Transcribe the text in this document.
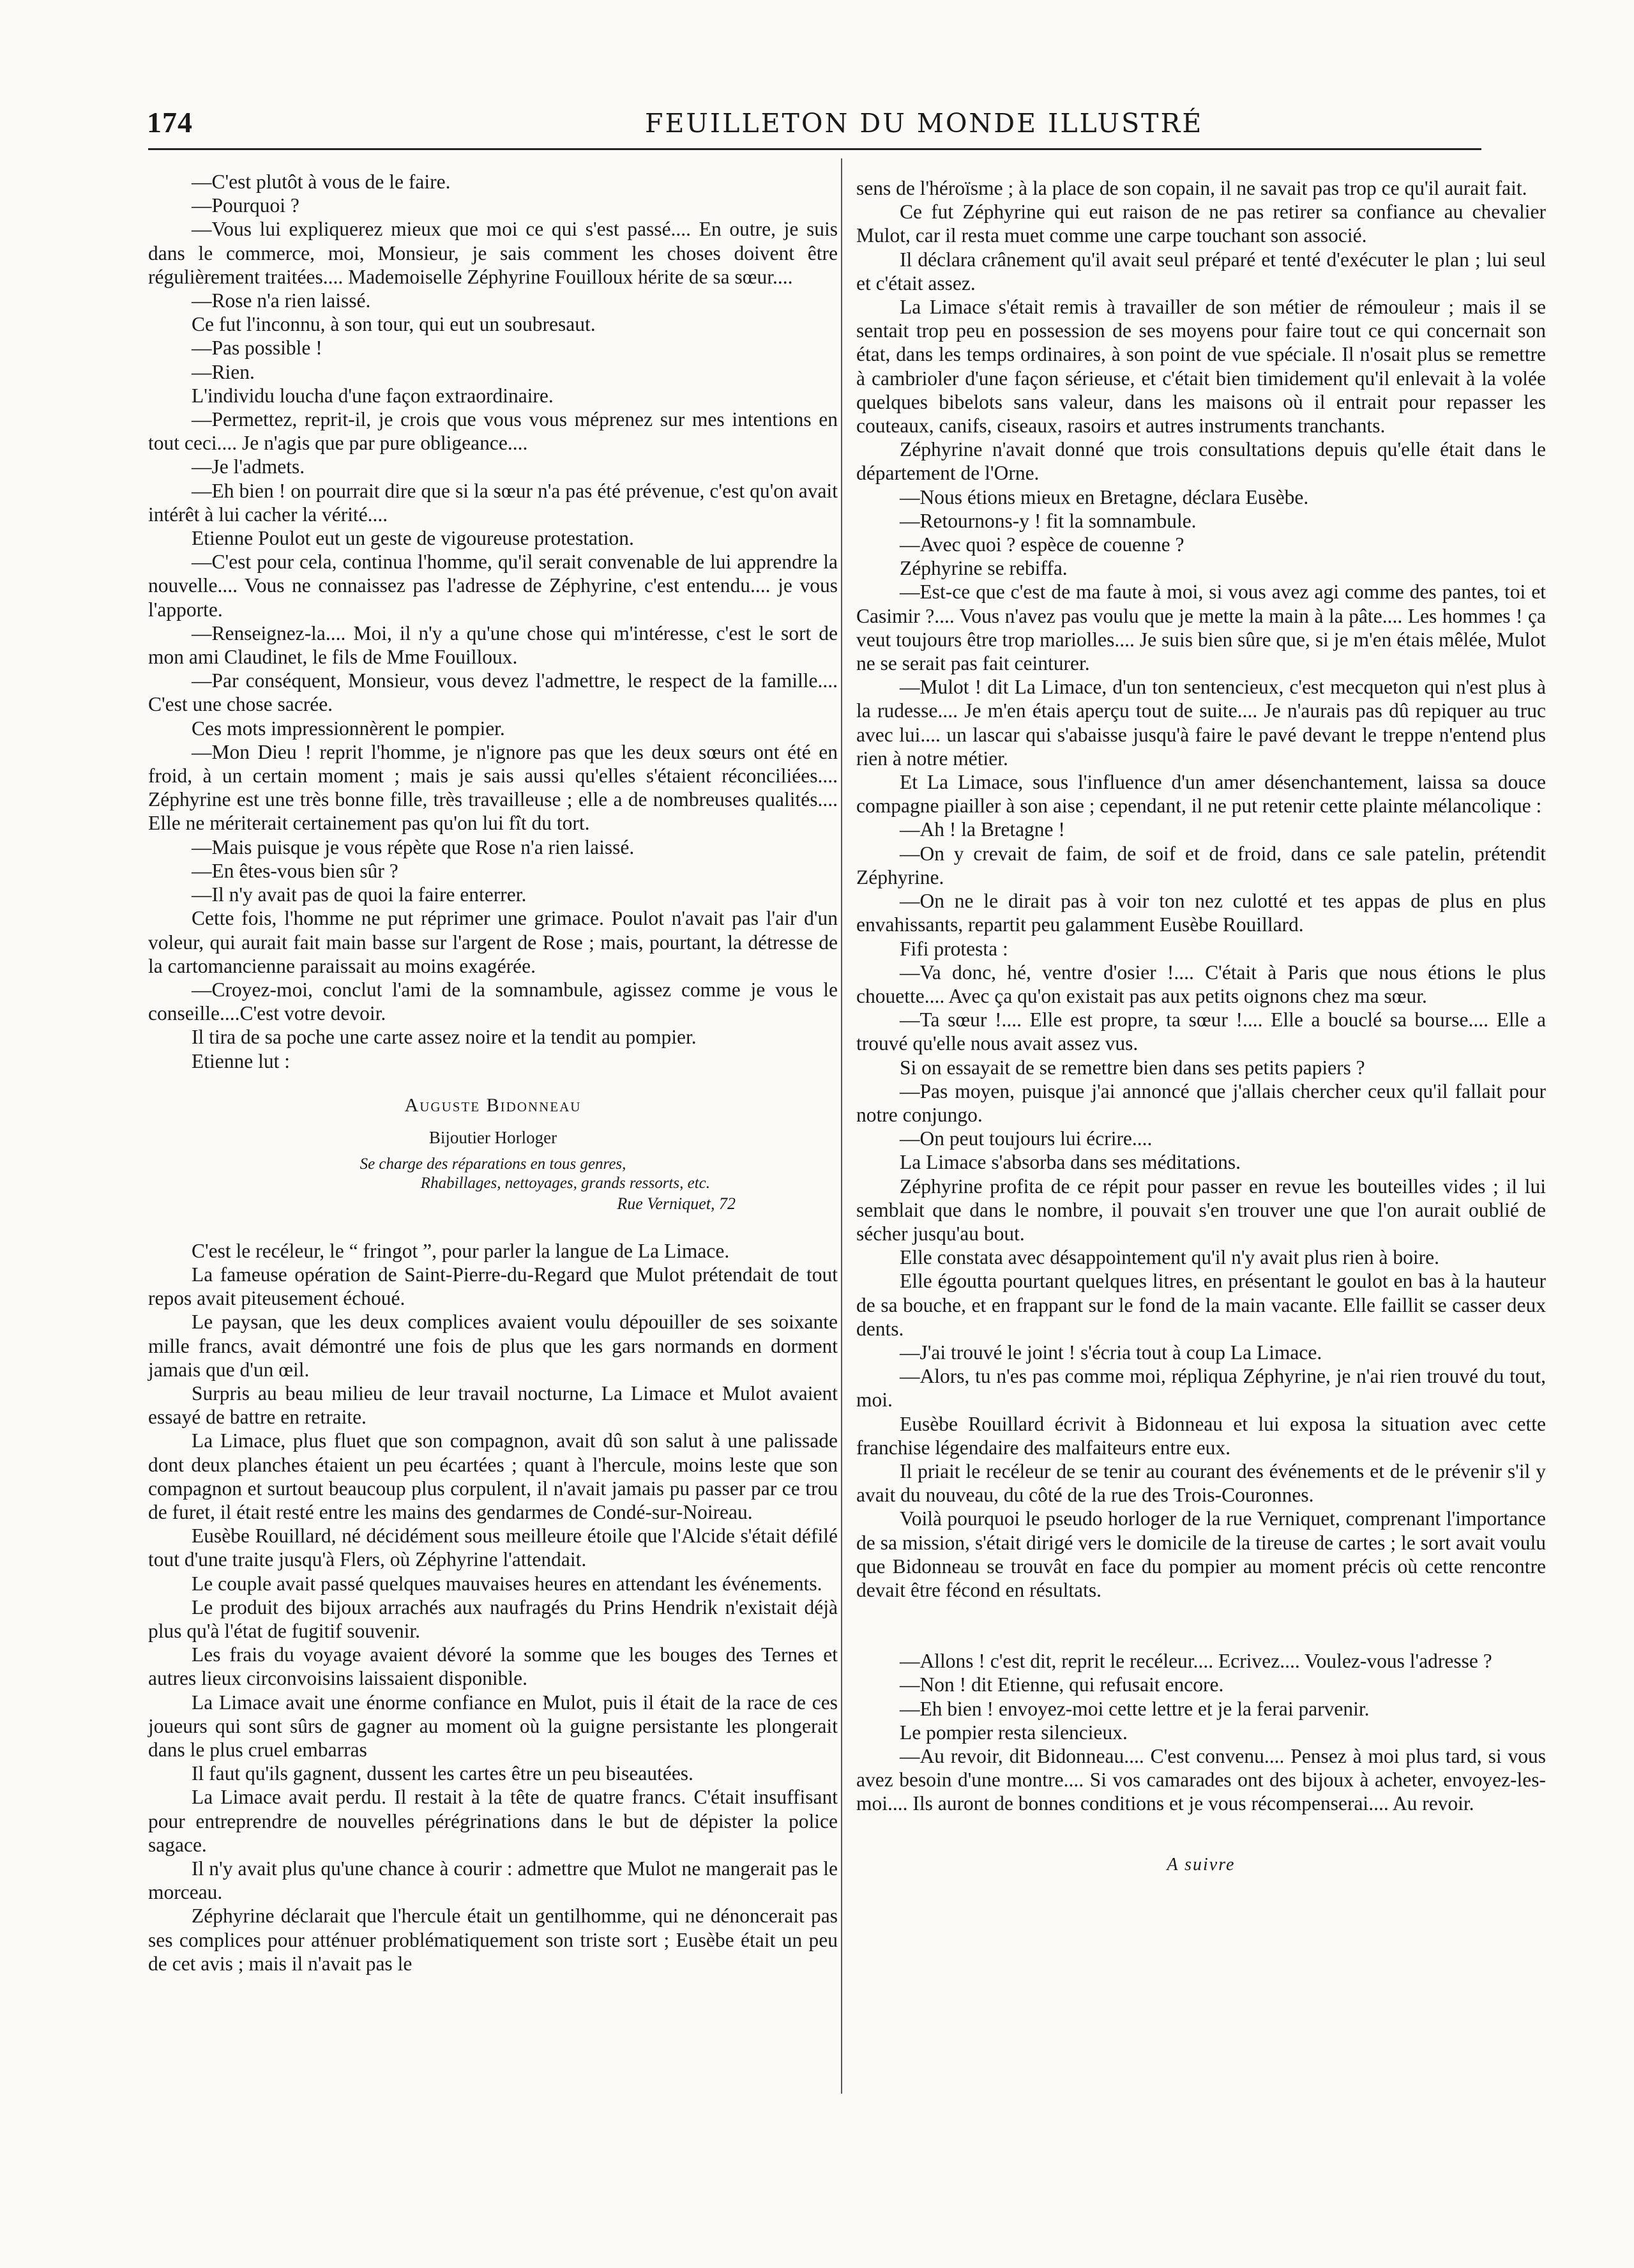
174	FEUILLETON DU MONDE ILLUSTRÉ

—C'est plutôt à vous de le faire.

—Pourquoi ?

—Vous lui expliquerez mieux que moi ce qui s'est passé.... En outre, je suis dans le commerce, moi, Monsieur, je sais comment les choses doivent être régulièrement traitées.... Mademoiselle Zéphyrine Fouilloux hérite de sa sœur....

—Rose n'a rien laissé.

Ce fut l'inconnu, à son tour, qui eut un soubresaut.

—Pas possible !

—Rien.

L'individu loucha d'une façon extraordinaire.

—Permettez, reprit-il, je crois que vous vous méprenez sur mes intentions en tout ceci.... Je n'agis que par pure obligeance....

—Je l'admets.

—Eh bien ! on pourrait dire que si la sœur n'a pas été prévenue, c'est qu'on avait intérêt à lui cacher la vérité....

Etienne Poulot eut un geste de vigoureuse protestation.

—C'est pour cela, continua l'homme, qu'il serait convenable de lui apprendre la nouvelle.... Vous ne connaissez pas l'adresse de Zéphyrine, c'est entendu.... je vous l'apporte.

—Renseignez-la.... Moi, il n'y a qu'une chose qui m'intéresse, c'est le sort de mon ami Claudinet, le fils de Mme Fouilloux.

—Par conséquent, Monsieur, vous devez l'admettre, le respect de la famille.... C'est une chose sacrée.

Ces mots impressionnèrent le pompier.

—Mon Dieu ! reprit l'homme, je n'ignore pas que les deux sœurs ont été en froid, à un certain moment ; mais je sais aussi qu'elles s'étaient réconciliées.... Zéphyrine est une très bonne fille, très travailleuse ; elle a de nombreuses qualités.... Elle ne mériterait certainement pas qu'on lui fît du tort.

—Mais puisque je vous répète que Rose n'a rien laissé.

—En êtes-vous bien sûr ?

—Il n'y avait pas de quoi la faire enterrer.

Cette fois, l'homme ne put réprimer une grimace. Poulot n'avait pas l'air d'un voleur, qui aurait fait main basse sur l'argent de Rose ; mais, pourtant, la détresse de la cartomancienne paraissait au moins exagérée.

—Croyez-moi, conclut l'ami de la somnambule, agissez comme je vous le conseille....C'est votre devoir.

Il tira de sa poche une carte assez noire et la tendit au pompier.

Etienne lut :

Auguste Bidonneau
Bijoutier Horloger
Se charge des réparations en tous genres,
Rhabillages, nettoyages, grands ressorts, etc.
Rue Verniquet, 72

C'est le recéleur, le “ fringot ”, pour parler la langue de La Limace.

La fameuse opération de Saint-Pierre-du-Regard que Mulot prétendait de tout repos avait piteusement échoué.

Le paysan, que les deux complices avaient voulu dépouiller de ses soixante mille francs, avait démontré une fois de plus que les gars normands en dorment jamais que d'un œil.

Surpris au beau milieu de leur travail nocturne, La Limace et Mulot avaient essayé de battre en retraite.

La Limace, plus fluet que son compagnon, avait dû son salut à une palissade dont deux planches étaient un peu écartées ; quant à l'hercule, moins leste que son compagnon et surtout beaucoup plus corpulent, il n'avait jamais pu passer par ce trou de furet, il était resté entre les mains des gendarmes de Condé-sur-Noireau.

Eusèbe Rouillard, né décidément sous meilleure étoile que l'Alcide s'était défilé tout d'une traite jusqu'à Flers, où Zéphyrine l'attendait.

Le couple avait passé quelques mauvaises heures en attendant les événements.

Le produit des bijoux arrachés aux naufragés du Prins Hendrik n'existait déjà plus qu'à l'état de fugitif souvenir.

Les frais du voyage avaient dévoré la somme que les bouges des Ternes et autres lieux circonvoisins laissaient disponible.

La Limace avait une énorme confiance en Mulot, puis il était de la race de ces joueurs qui sont sûrs de gagner au moment où la guigne persistante les plongerait dans le plus cruel embarras

Il faut qu'ils gagnent, dussent les cartes être un peu biseautées.

La Limace avait perdu. Il restait à la tête de quatre francs. C'était insuffisant pour entreprendre de nouvelles pérégrinations dans le but de dépister la police sagace.

Il n'y avait plus qu'une chance à courir : admettre que Mulot ne mangerait pas le morceau.

Zéphyrine déclarait que l'hercule était un gentilhomme, qui ne dénoncerait pas ses complices pour atténuer problématiquement son triste sort ; Eusèbe était un peu de cet avis ; mais il n'avait pas le

sens de l'héroïsme ; à la place de son copain, il ne savait pas trop ce qu'il aurait fait.

Ce fut Zéphyrine qui eut raison de ne pas retirer sa confiance au chevalier Mulot, car il resta muet comme une carpe touchant son associé.

Il déclara crânement qu'il avait seul préparé et tenté d'exécuter le plan ; lui seul et c'était assez.

La Limace s'était remis à travailler de son métier de rémouleur ; mais il se sentait trop peu en possession de ses moyens pour faire tout ce qui concernait son état, dans les temps ordinaires, à son point de vue spéciale. Il n'osait plus se remettre à cambrioler d'une façon sérieuse, et c'était bien timidement qu'il enlevait à la volée quelques bibelots sans valeur, dans les maisons où il entrait pour repasser les couteaux, canifs, ciseaux, rasoirs et autres instruments tranchants.

Zéphyrine n'avait donné que trois consultations depuis qu'elle était dans le département de l'Orne.

—Nous étions mieux en Bretagne, déclara Eusèbe.

—Retournons-y ! fit la somnambule.

—Avec quoi ? espèce de couenne ?

Zéphyrine se rebiffa.

—Est-ce que c'est de ma faute à moi, si vous avez agi comme des pantes, toi et Casimir ?.... Vous n'avez pas voulu que je mette la main à la pâte.... Les hommes ! ça veut toujours être trop mariolles.... Je suis bien sûre que, si je m'en étais mêlée, Mulot ne se serait pas fait ceinturer.

—Mulot ! dit La Limace, d'un ton sentencieux, c'est mecqueton qui n'est plus à la rudesse.... Je m'en étais aperçu tout de suite.... Je n'aurais pas dû repiquer au truc avec lui.... un lascar qui s'abaisse jusqu'à faire le pavé devant le treppe n'entend plus rien à notre métier.

Et La Limace, sous l'influence d'un amer désenchantement, laissa sa douce compagne piailler à son aise ; cependant, il ne put retenir cette plainte mélancolique :

—Ah ! la Bretagne !

—On y crevait de faim, de soif et de froid, dans ce sale patelin, prétendit Zéphyrine.

—On ne le dirait pas à voir ton nez culotté et tes appas de plus en plus envahissants, repartit peu galamment Eusèbe Rouillard.

Fifi protesta :

—Va donc, hé, ventre d'osier !.... C'était à Paris que nous étions le plus chouette.... Avec ça qu'on existait pas aux petits oignons chez ma sœur.

—Ta sœur !.... Elle est propre, ta sœur !.... Elle a bouclé sa bourse.... Elle a trouvé qu'elle nous avait assez vus.

Si on essayait de se remettre bien dans ses petits papiers ?

—Pas moyen, puisque j'ai annoncé que j'allais chercher ceux qu'il fallait pour notre conjungo.

—On peut toujours lui écrire....

La Limace s'absorba dans ses méditations.

Zéphyrine profita de ce répit pour passer en revue les bouteilles vides ; il lui semblait que dans le nombre, il pouvait s'en trouver une que l'on aurait oublié de sécher jusqu'au bout.

Elle constata avec désappointement qu'il n'y avait plus rien à boire.

Elle égoutta pourtant quelques litres, en présentant le goulot en bas à la hauteur de sa bouche, et en frappant sur le fond de la main vacante. Elle faillit se casser deux dents.

—J'ai trouvé le joint ! s'écria tout à coup La Limace.

—Alors, tu n'es pas comme moi, répliqua Zéphyrine, je n'ai rien trouvé du tout, moi.

Eusèbe Rouillard écrivit à Bidonneau et lui exposa la situation avec cette franchise légendaire des malfaiteurs entre eux.

Il priait le recéleur de se tenir au courant des événements et de le prévenir s'il y avait du nouveau, du côté de la rue des Trois-Couronnes.

Voilà pourquoi le pseudo horloger de la rue Verniquet, comprenant l'importance de sa mission, s'était dirigé vers le domicile de la tireuse de cartes ; le sort avait voulu que Bidonneau se trouvât en face du pompier au moment précis où cette rencontre devait être fécond en résultats.

—Allons ! c'est dit, reprit le recéleur.... Ecrivez.... Voulez-vous l'adresse ?

—Non ! dit Etienne, qui refusait encore.

—Eh bien ! envoyez-moi cette lettre et je la ferai parvenir.

Le pompier resta silencieux.

—Au revoir, dit Bidonneau.... C'est convenu.... Pensez à moi plus tard, si vous avez besoin d'une montre.... Si vos camarades ont des bijoux à acheter, envoyez-les-moi.... Ils auront de bonnes conditions et je vous récompenserai.... Au revoir.

A suivre
